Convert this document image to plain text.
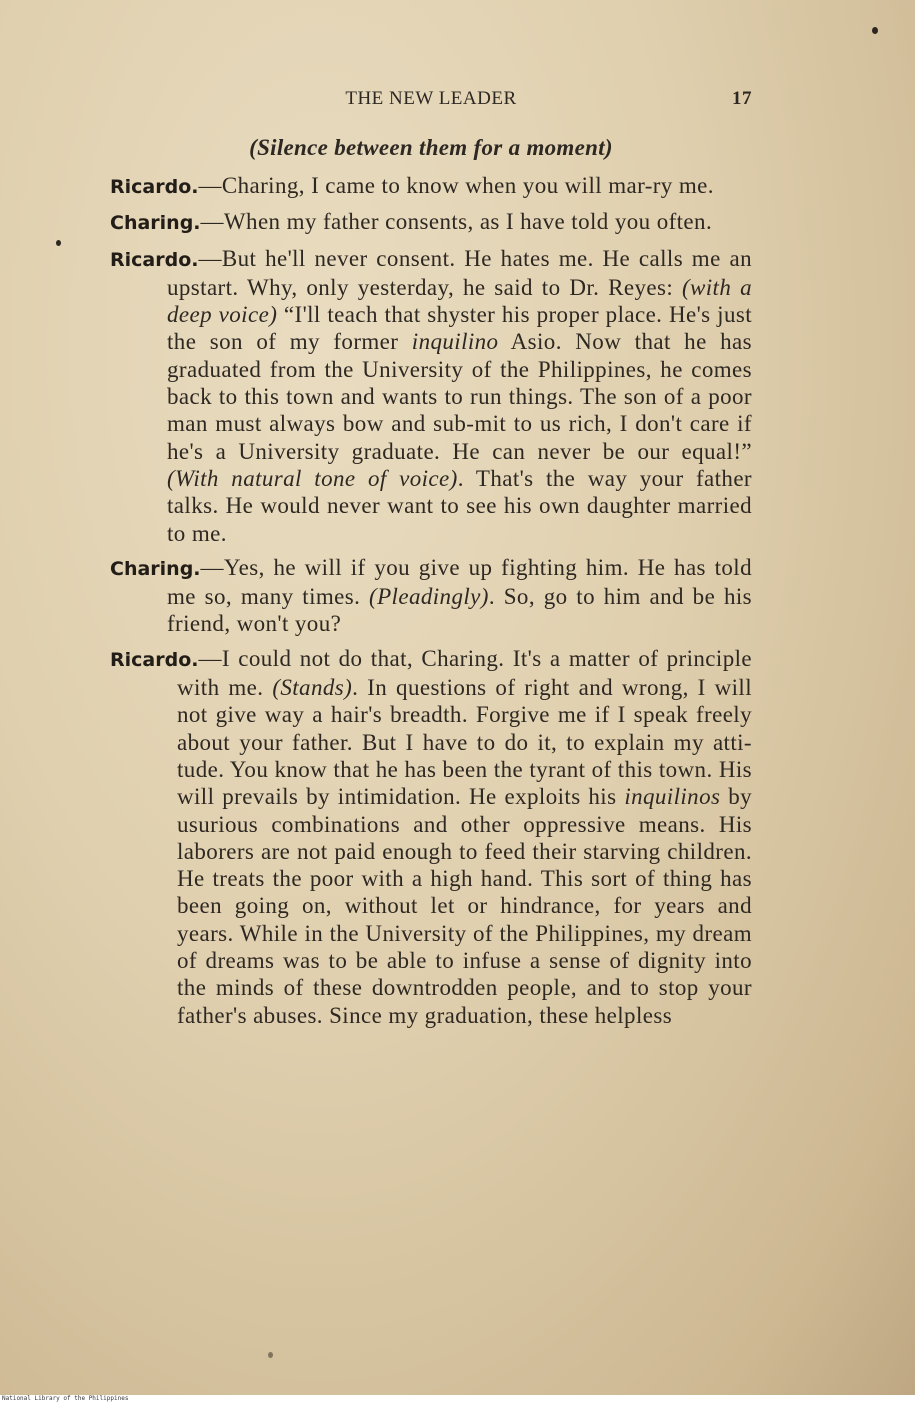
THE NEW LEADER	17
(Silence between them for a moment)

Ricardo.—Charing, I came to know when you will mar-ry me.

Charing.—When my father consents, as I have told you often.

Ricardo.—But he'll never consent. He hates me. He calls me an upstart. Why, only yesterday, he said to Dr. Reyes: (with a deep voice) “I'll teach that shyster his proper place. He's just the son of my former inquilino Asio. Now that he has graduated from the University of the Philippines, he comes back to this town and wants to run things. The son of a poor man must always bow and sub-mit to us rich, I don't care if he's a University graduate. He can never be our equal!” (With natural tone of voice). That's the way your father talks. He would never want to see his own daughter married to me.

Charing.—Yes, he will if you give up fighting him. He has told me so, many times. (Pleadingly). So, go to him and be his friend, won't you?

Ricardo.—I could not do that, Charing. It's a matter of principle with me. (Stands). In questions of right and wrong, I will not give way a hair's breadth. Forgive me if I speak freely about your father. But I have to do it, to explain my atti-tude. You know that he has been the tyrant of this town. His will prevails by intimidation. He exploits his inquilinos by usurious combinations and other oppressive means. His laborers are not paid enough to feed their starving children. He treats the poor with a high hand. This sort of thing has been going on, without let or hindrance, for years and years. While in the University of the Philippines, my dream of dreams was to be able to infuse a sense of dignity into the minds of these downtrodden people, and to stop your father's abuses. Since my graduation, these helpless

National Library of the Philippines
